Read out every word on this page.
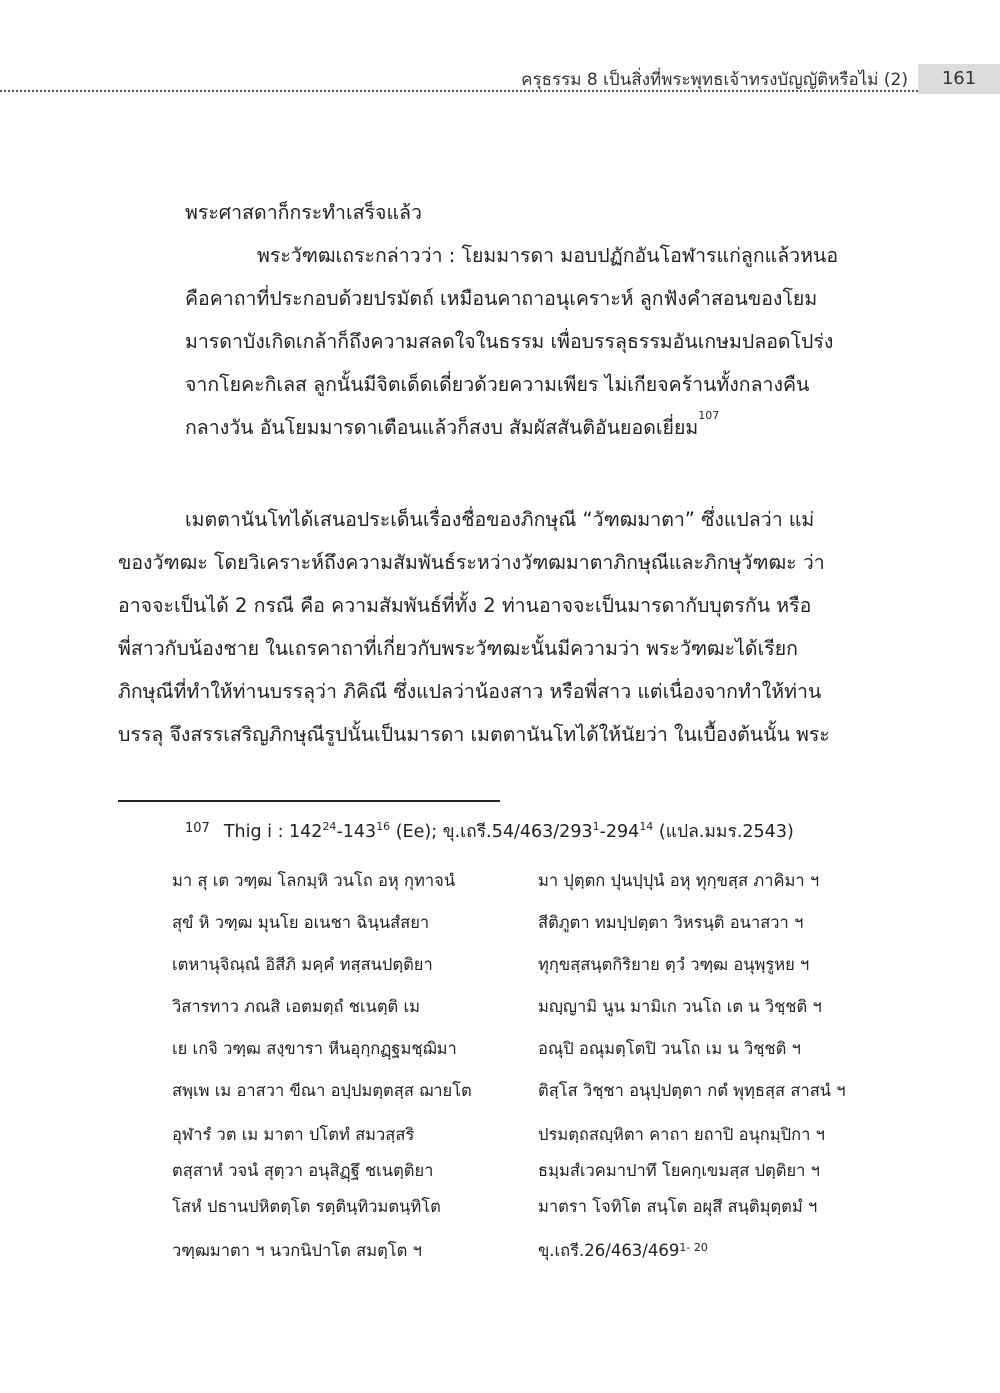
ครุธรรม 8 เป็นสิ่งที่พระพุทธเจ้าทรงบัญญัติหรือไม่ (2)	161
พระศาสดาก็กระทำเสร็จแล้ว
พระวัฑฒเถระกล่าวว่า : โยมมารดา มอบปฏักอันโอฬารแก่ลูกแล้วหนอ
คือคาถาที่ประกอบด้วยปรมัตถ์ เหมือนคาถาอนุเคราะห์ ลูกฟังคำสอนของโยม
มารดาบังเกิดเกล้าก็ถึงความสลดใจในธรรม เพื่อบรรลุธรรมอันเกษมปลอดโปร่ง
จากโยคะกิเลส ลูกนั้นมีจิตเด็ดเดี่ยวด้วยความเพียร ไม่เกียจคร้านทั้งกลางคืน
กลางวัน อันโยมมารดาเตือนแล้วก็สงบ สัมผัสสันติอันยอดเยี่ยม$^{107}$
เมตตานันโทได้เสนอประเด็นเรื่องชื่อของภิกษุณี “วัฑฒมาตา” ซึ่งแปลว่า แม่
ของวัฑฒะ โดยวิเคราะห์ถึงความสัมพันธ์ระหว่างวัฑฒมาตาภิกษุณีและภิกษุวัฑฒะ ว่า
อาจจะเป็นได้ 2 กรณี คือ ความสัมพันธ์ที่ทั้ง 2 ท่านอาจจะเป็นมารดากับบุตรกัน หรือ
พี่สาวกับน้องชาย ในเถรคาถาที่เกี่ยวกับพระวัฑฒะนั้นมีความว่า พระวัฑฒะได้เรียก
ภิกษุณีที่ทำให้ท่านบรรลุว่า ภิคิณี ซึ่งแปลว่าน้องสาว หรือพี่สาว แต่เนื่องจากทำให้ท่าน
บรรลุ จึงสรรเสริญภิกษุณีรูปนั้นเป็นมารดา เมตตานันโทได้ให้นัยว่า ในเบื้องต้นนั้น พระ
$^{107}$ Thig i : $142^{24}-143^{16}$ (Ee); ขุ.เถรี$.54/463/293^1-294^{14}$ (แปล.มมร.2543)
มา สุ เต วฑฺฒ โลกมฺหิ วนโถ อหุ กุทาจนํ
สุขํ หิ วฑฺฒ มุนโย อเนชา ฉินฺนสํสยา
เตหานุจิณฺณํ อิสีภิ มคฺคํ ทสฺสนปตฺติยา
วิสารทาว ภณสิ เอตมตฺถํ ชเนตฺติ เม
เย เกจิ วฑฺฒ สงฺขารา หีนอุกฺกฏฺฐมชฺฌิมา
สพฺเพ เม อาสวา ขีณา อปฺปมตฺตสฺส ฌายโต
อุฬารํ วต เม มาตา ปโตทํ สมวสฺสริ
ตสฺสาหํ วจนํ สุตฺวา อนุสิฏฺฐึ ชเนตฺติยา
โสหํ ปธานปหิตตฺโต รตฺตินฺทิวมตนฺทิโต
วฑฺฒมาตา ฯ นวกนิปาโต สมตฺโต ฯ
มา ปุตฺตก ปุนปฺปุนํ อหุ ทุกฺขสฺส ภาคิมา ฯ
สีติภูตา ทมปฺปตฺตา วิหรนฺติ อนาสวา ฯ
ทุกฺขสฺสนฺตกิริยาย ตฺวํ วฑฺฒ อนุพฺรูหย ฯ
มญฺญามิ นูน มามิเก วนโถ เต น วิชฺชติ ฯ
อณุปิ อณุมตฺโตปิ วนโถ เม น วิชฺชติ ฯ
ติสฺโส วิชฺชา อนุปฺปตฺตา กตํ พุทฺธสฺส สาสนํ ฯ
ปรมตฺถสญฺหิตา คาถา ยถาปิ อนุกมฺปิกา ฯ
ธมฺมสํเวคมาปาทึ โยคกฺเขมสฺส ปตฺติยา ฯ
มาตรา โจทิโต สนฺโต อผุสึ สนฺติมุตฺตมํ ฯ
ขุ.เถรี.26/463/469$^{1- 20}$
